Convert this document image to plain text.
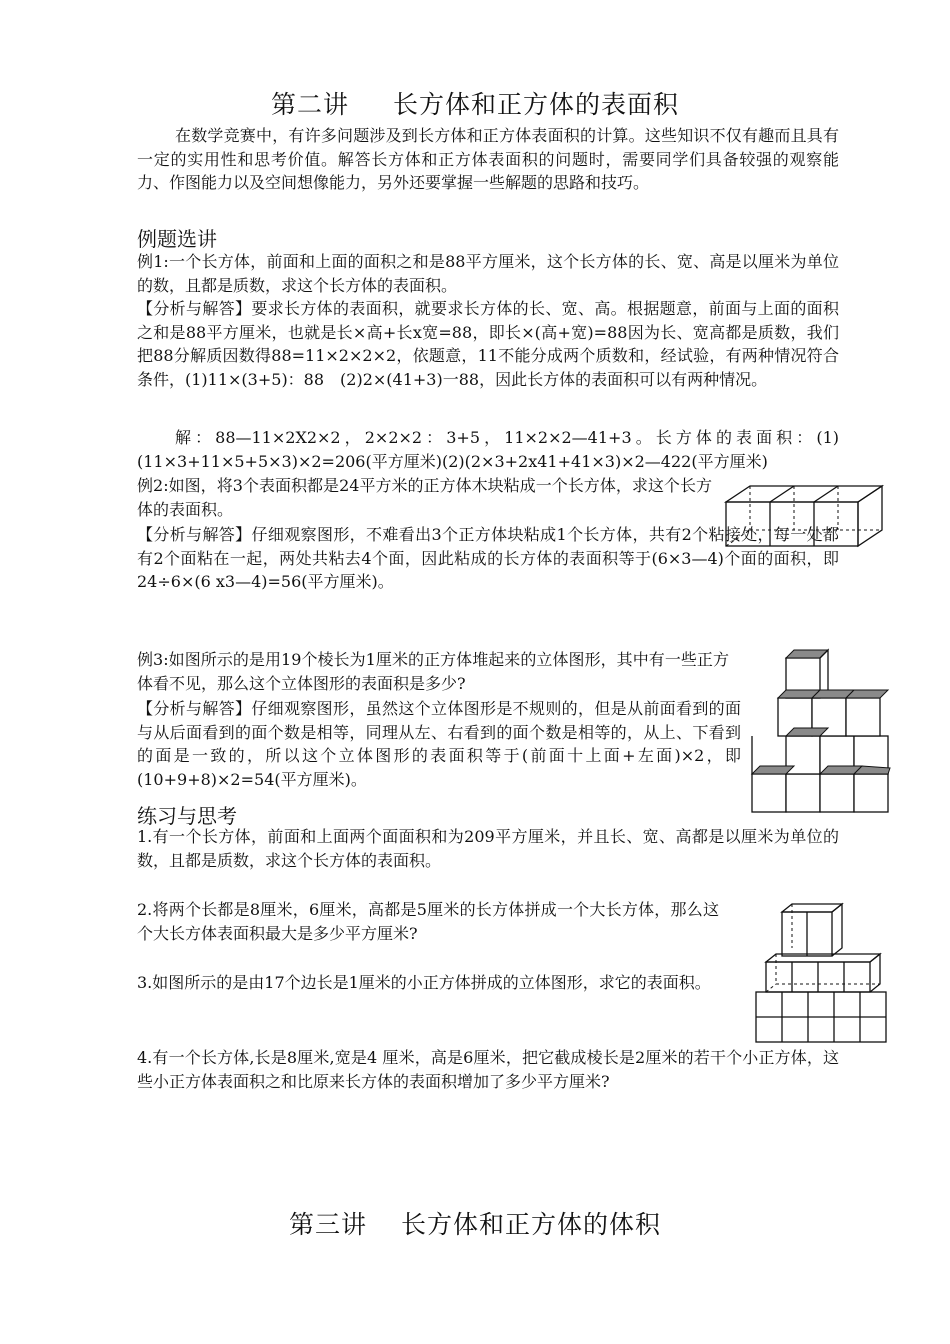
第二讲 长方体和正方体的表面积

在数学竞赛中，有许多问题涉及到长方体和正方体表面积的计算。这些知识不仅有趣而且具有一定的实用性和思考价值。解答长方体和正方体表面积的问题时，需要同学们具备较强的观察能力、作图能力以及空间想像能力，另外还要掌握一些解题的思路和技巧。

例题选讲

例1:一个长方体，前面和上面的面积之和是88平方厘米，这个长方体的长、宽、高是以厘米为单位的数，且都是质数，求这个长方体的表面积。

【分析与解答】要求长方体的表面积，就要求长方体的长、宽、高。根据题意，前面与上面的面积之和是88平方厘米，也就是长×高+长x宽=88，即长×(高+宽)=88因为长、宽高都是质数，我们把88分解质因数得88=11×2×2×2，依题意，11不能分成两个质数和，经试验，有两种情况符合条件，(1)11×(3+5)：88　(2)2×(41+3)一88，因此长方体的表面积可以有两种情况。

解：88—11×2X2×2，2×2×2：3+5，11×2×2—41+3。长方体的表面积：(1)(11×3+11×5+5×3)×2=206(平方厘米)(2)(2×3+2x41+41×3)×2—422(平方厘米)

例2:如图，将3个表面积都是24平方米的正方体木块粘成一个长方体，求这个长方体的表面积。

【分析与解答】仔细观察图形，不难看出3个正方体块粘成1个长方体，共有2个粘接处，每一处都有2个面粘在一起，两处共粘去4个面，因此粘成的长方体的表面积等于(6×3—4)个面的面积，即24÷6×(6 x3—4)=56(平方厘米)。

例3:如图所示的是用19个棱长为1厘米的正方体堆起来的立体图形，其中有一些正方体看不见，那么这个立体图形的表面积是多少?

【分析与解答】仔细观察图形，虽然这个立体图形是不规则的，但是从前面看到的面与从后面看到的面个数是相等，同理从左、右看到的面个数是相等的，从上、下看到的面是一致的，所以这个立体图形的表面积等于(前面十上面+左面)×2，即(10+9+8)×2=54(平方厘米)。

练习与思考

1.有一个长方体，前面和上面两个面面积和为209平方厘米，并且长、宽、高都是以厘米为单位的数，且都是质数，求这个长方体的表面积。

2.将两个长都是8厘米，6厘米，高都是5厘米的长方体拼成一个大长方体，那么这个大长方体表面积最大是多少平方厘米?

3.如图所示的是由17个边长是1厘米的小正方体拼成的立体图形，求它的表面积。

4.有一个长方体,长是8厘米,宽是4 厘米，高是6厘米，把它截成棱长是2厘米的若干个小正方体，这些小正方体表面积之和比原来长方体的表面积增加了多少平方厘米?

第三讲 长方体和正方体的体积
